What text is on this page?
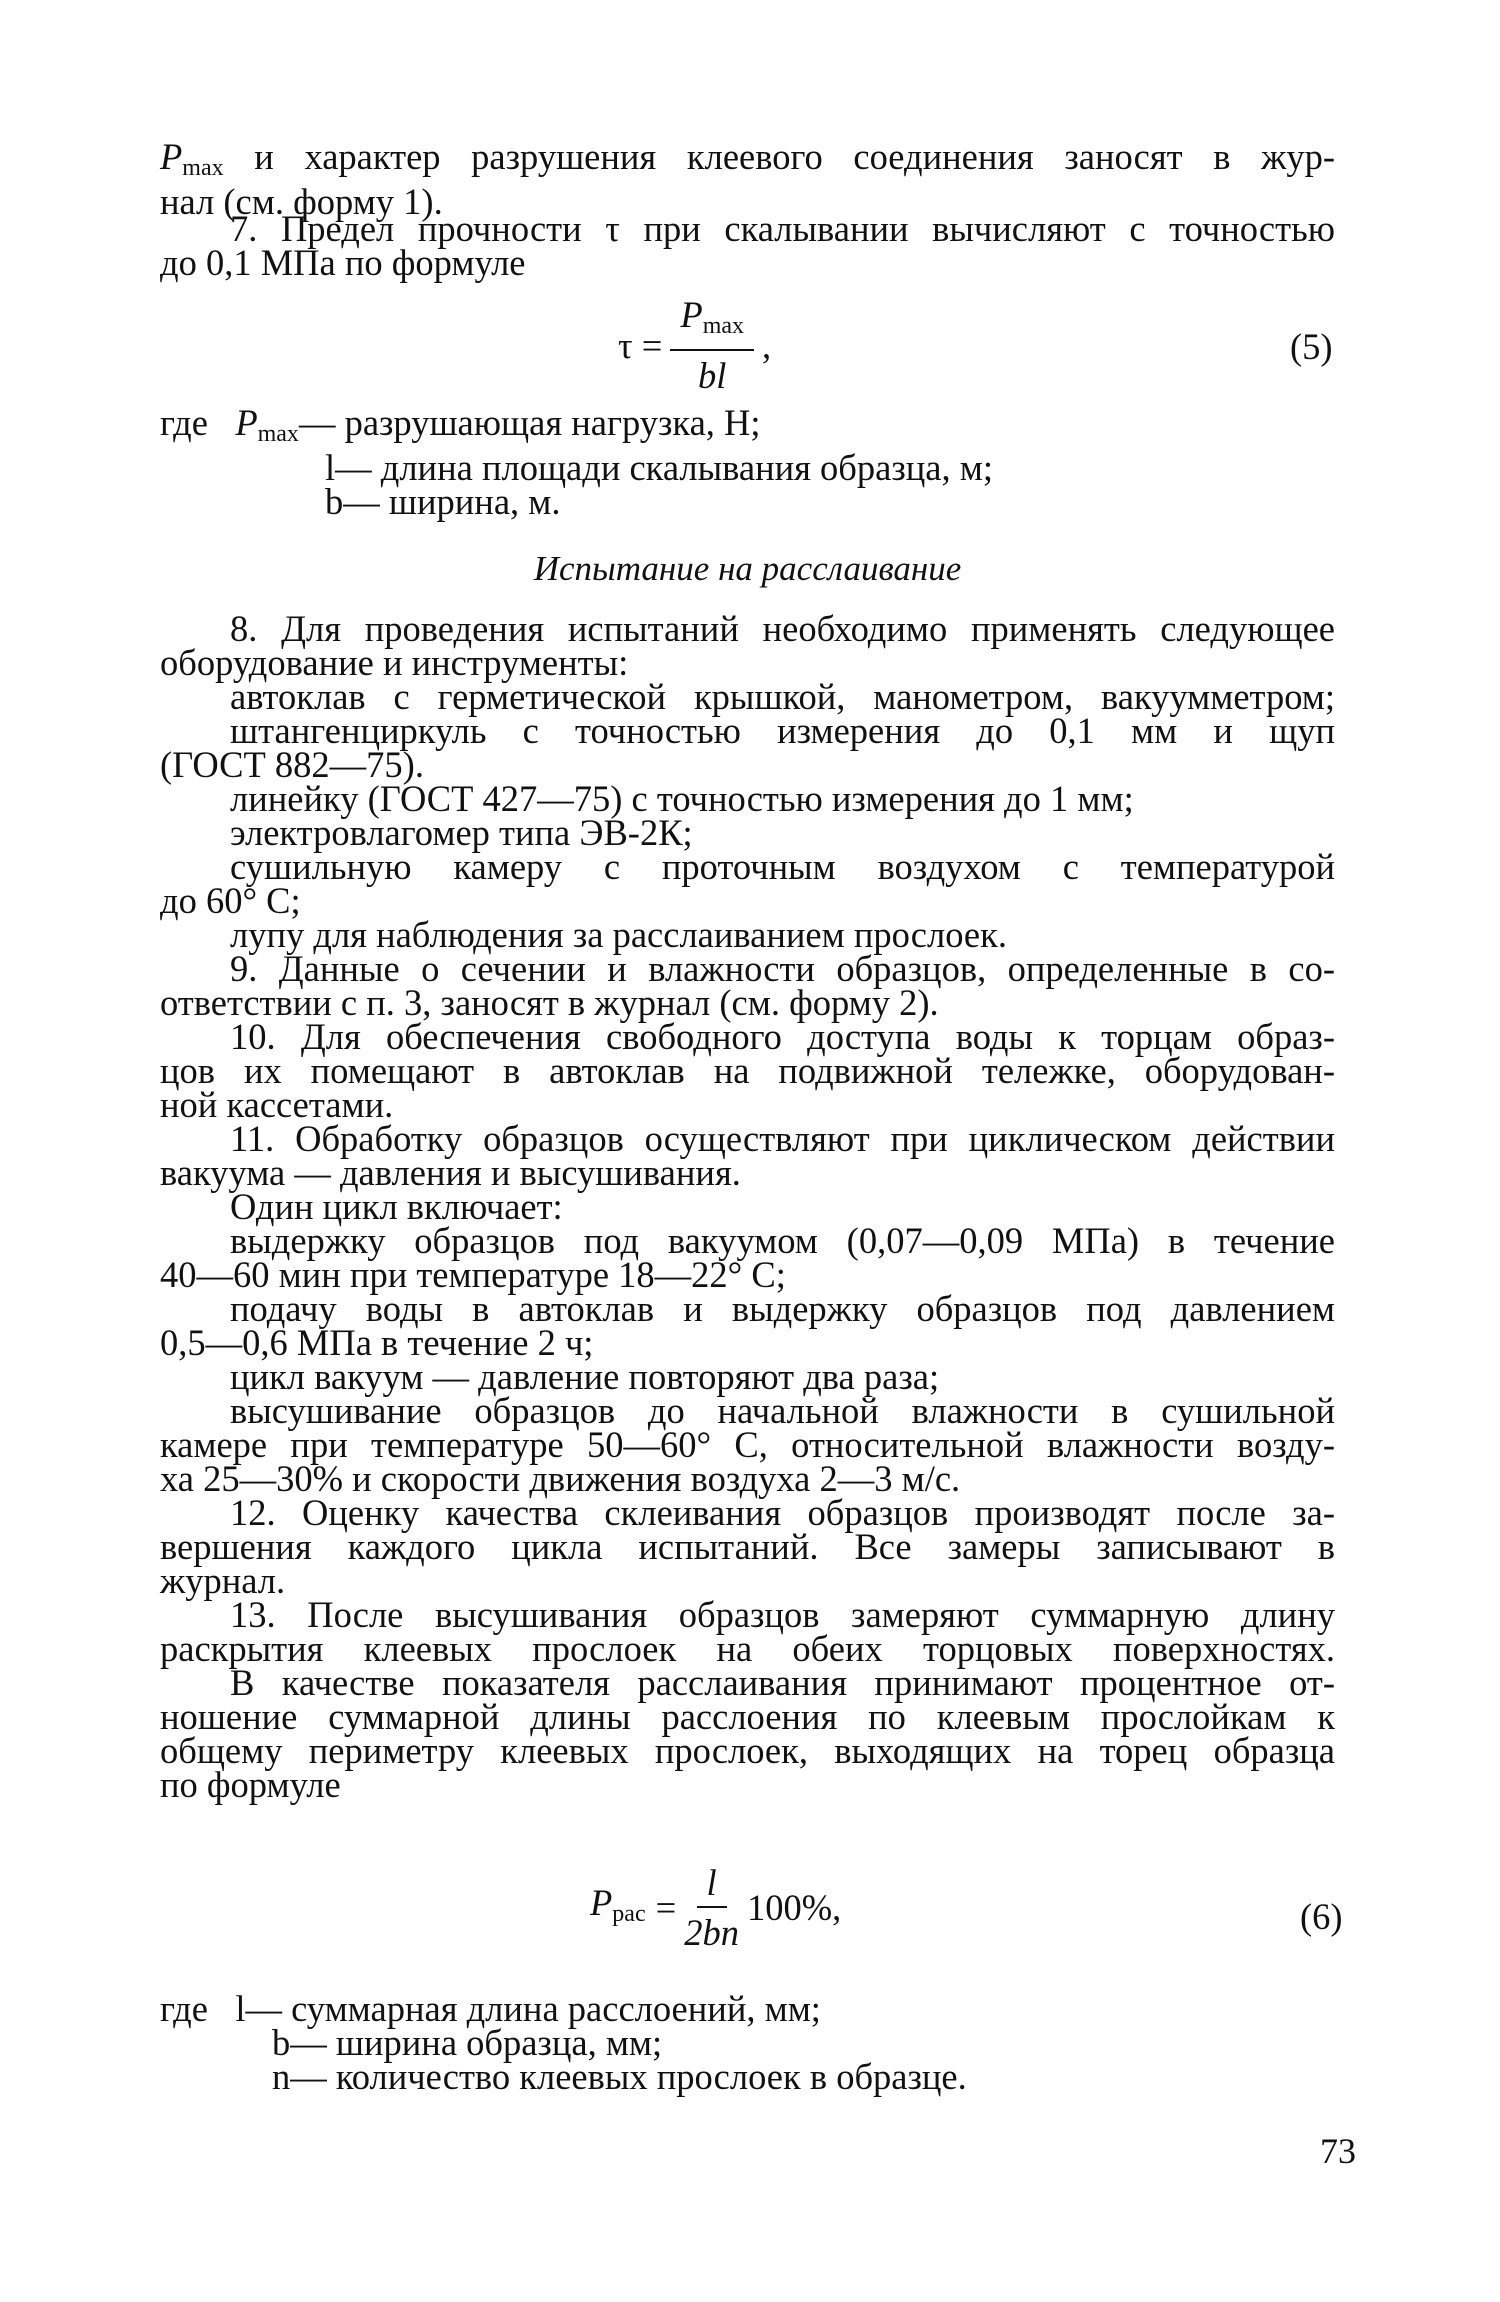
$P_{max}$ и характер разрушения клеевого соединения заносят в жур-
нал (см. форму 1).
7. Предел прочности τ при скалывании вычисляют с точностью
до 0,1 МПа по формуле
$\tau = \frac{P_{max}}{bl}$ ,	(5)
где $P_{max}—$ разрушающая нагрузка, Н;
l— длина площади скалывания образца, м;
b— ширина, м.
Испытание на расслаивание
8. Для проведения испытаний необходимо применять следующее
оборудование и инструменты:
автоклав с герметической крышкой, манометром, вакуумметром;
штангенциркуль с точностью измерения до 0,1 мм и щуп
(ГОСТ 882—75).
линейку (ГОСТ 427—75) с точностью измерения до 1 мм;
электровлагомер типа ЭВ-2К;
сушильную камеру с проточным воздухом с температурой
до 60° С;
лупу для наблюдения за расслаиванием прослоек.
9. Данные о сечении и влажности образцов, определенные в со-
ответствии с п. 3, заносят в журнал (см. форму 2).
10. Для обеспечения свободного доступа воды к торцам образ-
цов их помещают в автоклав на подвижной тележке, оборудован-
ной кассетами.
11. Обработку образцов осуществляют при циклическом действии
вакуума — давления и высушивания.
Один цикл включает:
выдержку образцов под вакуумом (0,07—0,09 МПа) в течение
40—60 мин при температуре 18—22° С;
подачу воды в автоклав и выдержку образцов под давлением
0,5—0,6 МПа в течение 2 ч;
цикл вакуум — давление повторяют два раза;
высушивание образцов до начальной влажности в сушильной
камере при температуре 50—60° С, относительной влажности возду-
ха 25—30% и скорости движения воздуха 2—3 м/с.
12. Оценку качества склеивания образцов производят после за-
вершения каждого цикла испытаний. Все замеры записывают в
журнал.
13. После высушивания образцов замеряют суммарную длину
раскрытия клеевых прослоек на обеих торцовых поверхностях.
В качестве показателя расслаивания принимают процентное от-
ношение суммарной длины расслоения по клеевым прослойкам к
общему периметру клеевых прослоек, выходящих на торец образца
по формуле
$P_{рас} = \frac{l}{2bn} 100\%$,	(6)
где l— суммарная длина расслоений, мм;
b— ширина образца, мм;
n— количество клеевых прослоек в образце.
73
